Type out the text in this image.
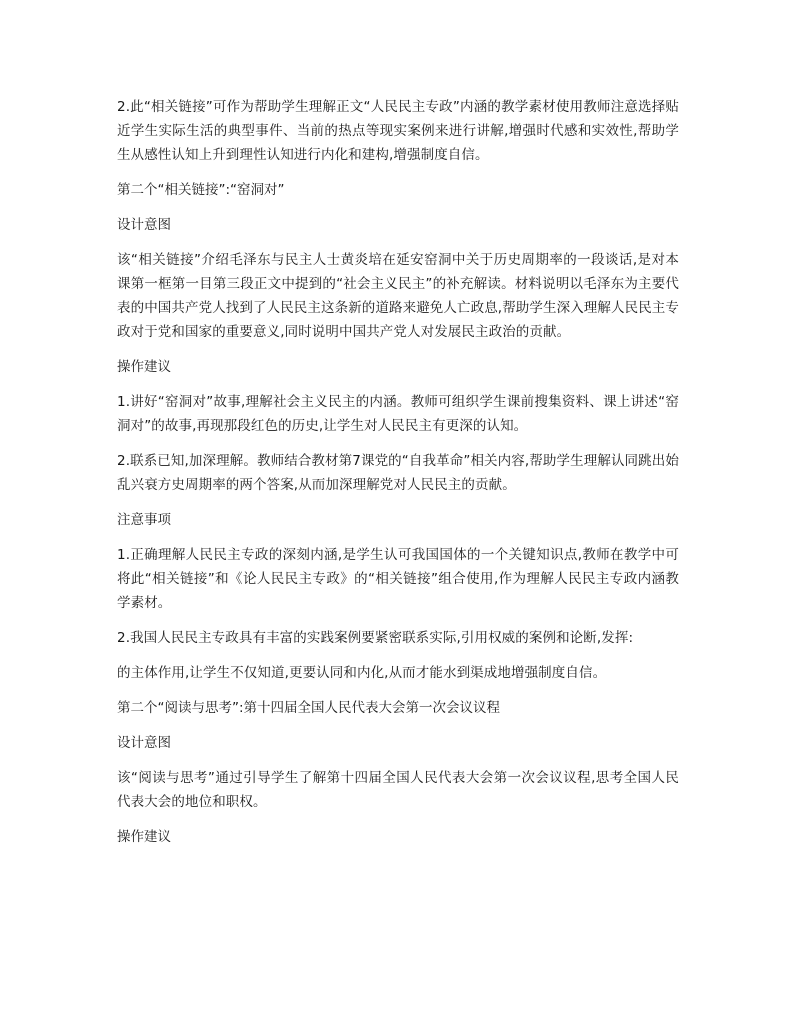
2.此“相关链接”可作为帮助学生理解正文“人民民主专政”内涵的教学素材使用教师注意选择贴近学生实际生活的典型事件、当前的热点等现实案例来进行讲解,增强时代感和实效性,帮助学生从感性认知上升到理性认知进行内化和建构,增强制度自信。

第二个“相关链接”:“窑洞对”

设计意图

该“相关链接”介绍毛泽东与民主人士黄炎培在延安窑洞中关于历史周期率的一段谈话,是对本课第一框第一目第三段正文中提到的“社会主义民主”的补充解读。材料说明以毛泽东为主要代表的中国共产党人找到了人民民主这条新的道路来避免人亡政息,帮助学生深入理解人民民主专政对于党和国家的重要意义,同时说明中国共产党人对发展民主政治的贡献。

操作建议

1.讲好“窑洞对”故事,理解社会主义民主的内涵。教师可组织学生课前搜集资料、课上讲述“窑洞对”的故事,再现那段红色的历史,让学生对人民民主有更深的认知。

2.联系已知,加深理解。教师结合教材第7课党的“自我革命”相关内容,帮助学生理解认同跳出始乱兴衰方史周期率的两个答案,从而加深理解党对人民民主的贡献。

注意事项

1.正确理解人民民主专政的深刻内涵,是学生认可我国国体的一个关键知识点,教师在教学中可将此“相关链接”和《论人民民主专政》的“相关链接”组合使用,作为理解人民民主专政内涵教学素材。

2.我国人民民主专政具有丰富的实践案例要紧密联系实际,引用权威的案例和论断,发挥:

的主体作用,让学生不仅知道,更要认同和内化,从而才能水到渠成地增强制度自信。

第二个“阅读与思考”:第十四届全国人民代表大会第一次会议议程

设计意图

该“阅读与思考”通过引导学生了解第十四届全国人民代表大会第一次会议议程,思考全国人民代表大会的地位和职权。

操作建议
